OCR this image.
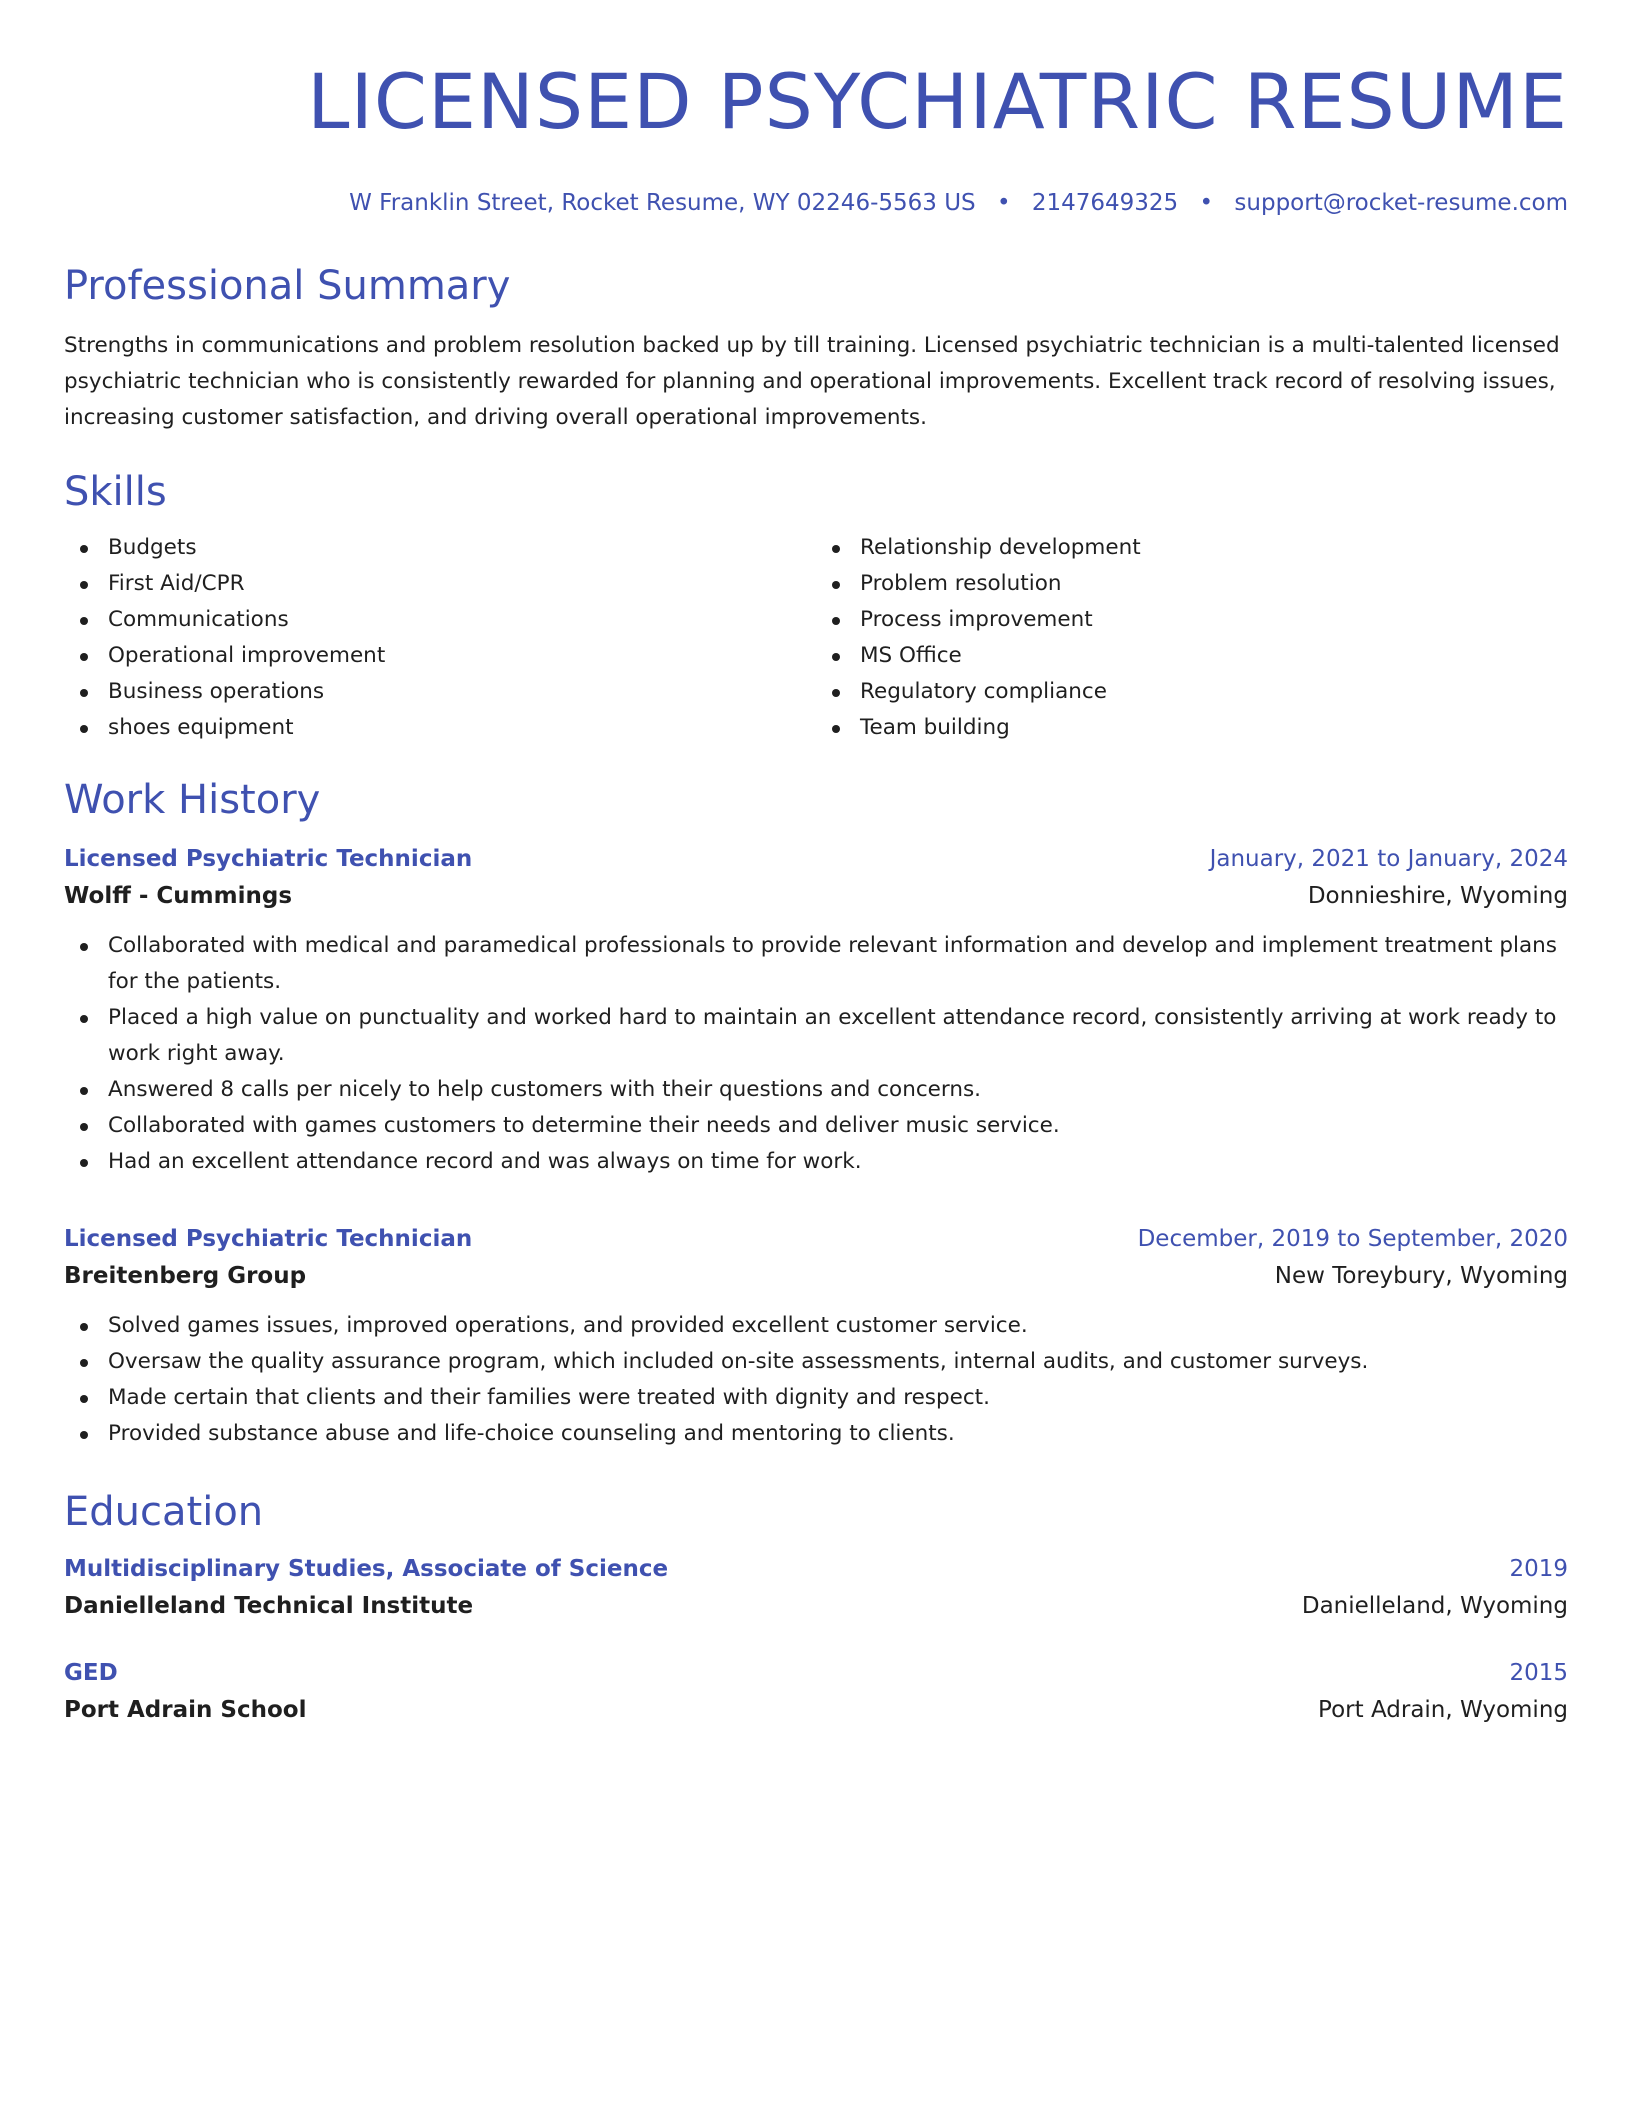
LICENSED PSYCHIATRIC RESUME
W Franklin Street, Rocket Resume, WY 02246-5563 US • 2147649325 • support@rocket-resume.com
Professional Summary

Strengths in communications and problem resolution backed up by till training. Licensed psychiatric technician is a multi-talented licensed psychiatric technician who is consistently rewarded for planning and operational improvements. Excellent track record of resolving issues, increasing customer satisfaction, and driving overall operational improvements.

Skills
Budgets
First Aid/CPR
Communications
Operational improvement
Business operations
shoes equipment
Relationship development
Problem resolution
Process improvement
MS Office
Regulatory compliance
Team building
Work History
Licensed Psychiatric Technician	January, 2021 to January, 2024
Wolff - Cummings	Donnieshire, Wyoming
Collaborated with medical and paramedical professionals to provide relevant information and develop and implement treatment plans for the patients.
Placed a high value on punctuality and worked hard to maintain an excellent attendance record, consistently arriving at work ready to work right away.
Answered 8 calls per nicely to help customers with their questions and concerns.
Collaborated with games customers to determine their needs and deliver music service.
Had an excellent attendance record and was always on time for work.
Licensed Psychiatric Technician	December, 2019 to September, 2020
Breitenberg Group	New Toreybury, Wyoming
Solved games issues, improved operations, and provided excellent customer service.
Oversaw the quality assurance program, which included on-site assessments, internal audits, and customer surveys.
Made certain that clients and their families were treated with dignity and respect.
Provided substance abuse and life-choice counseling and mentoring to clients.
Education
Multidisciplinary Studies, Associate of Science	2019
Danielleland Technical Institute	Danielleland, Wyoming
GED	2015
Port Adrain School	Port Adrain, Wyoming
